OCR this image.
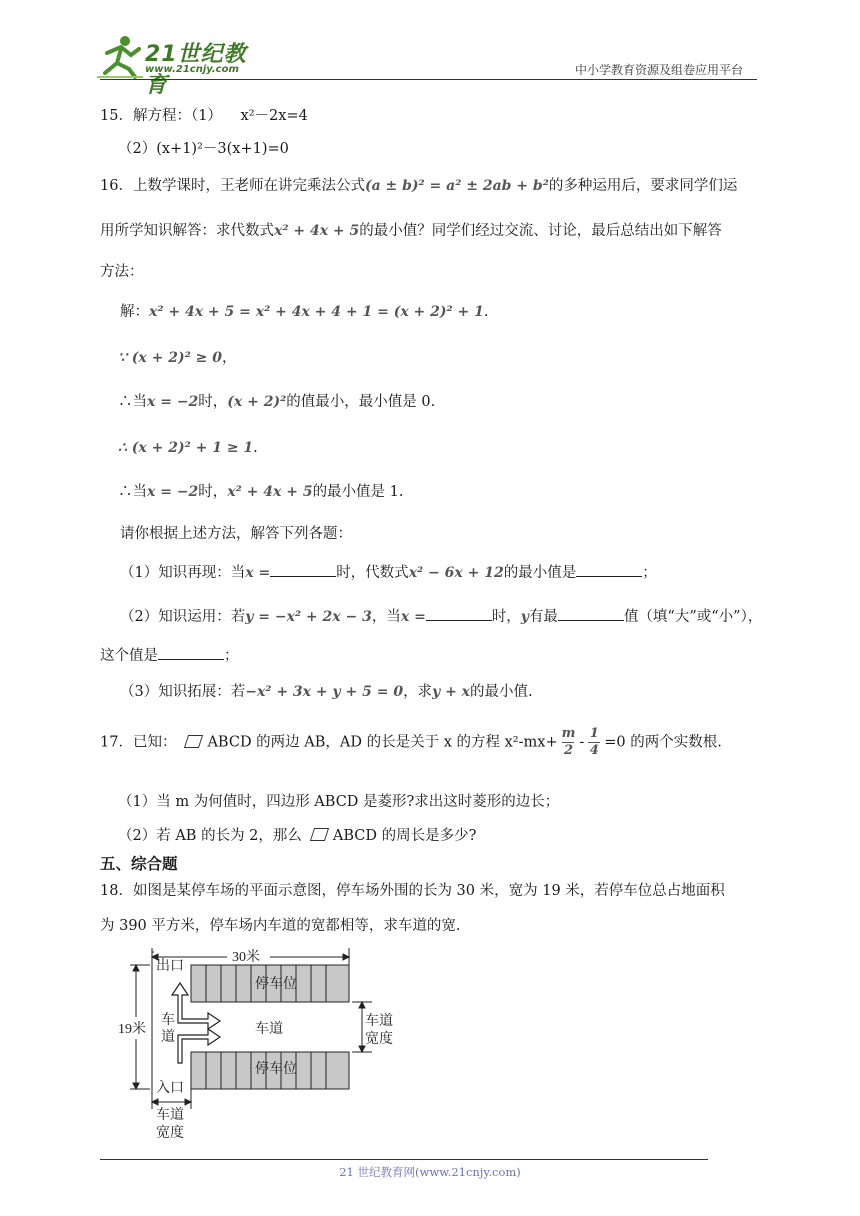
21世纪教育
www.21cnjy.com	中小学教育资源及组卷应用平台
15．解方程：（1） x²－2x=4
（2）(x+1)²－3(x+1)=0
16．上数学课时，王老师在讲完乘法公式(a ± b)² = a² ± 2ab + b²的多种运用后，要求同学们运
用所学知识解答：求代数式x² + 4x + 5的最小值？同学们经过交流、讨论，最后总结出如下解答
方法：
解：x² + 4x + 5 = x² + 4x + 4 + 1 = (x + 2)² + 1.
∵ (x + 2)² ≥ 0，
∴当x = −2时，(x + 2)²的值最小，最小值是 0.
∴ (x + 2)² + 1 ≥ 1.
∴当x = −2时，x² + 4x + 5的最小值是 1.
请你根据上述方法，解答下列各题：
（1）知识再现：当x =	时，代数式x² − 6x + 12的最小值是	；
（2）知识运用：若y = −x² + 2x − 3，当x =	时，y有最	值（填“大”或“小”），
这个值是	；
（3）知识拓展：若−x² + 3x + y + 5 = 0，求y + x的最小值.
17．已知： ABCD 的两边 AB，AD 的长是关于 x 的方程 $x^2-mx+ \frac{m}{2} - \frac{1}{4} =0$ 的两个实数根.
（1）当 m 为何值时，四边形 ABCD 是菱形?求出这时菱形的边长；
（2）若 AB 的长为 2，那么 ABCD 的周长是多少?
五、综合题
18．如图是某停车场的平面示意图，停车场外围的长为 30 米，宽为 19 米，若停车位总占地面积
为 390 平方米，停车场内车道的宽都相等，求车道的宽.
30米
19米
出口
入口
车
道
车道
停车位
停车位
车道
宽度
车道
宽度
21 世纪教育网(www.21cnjy.com)
